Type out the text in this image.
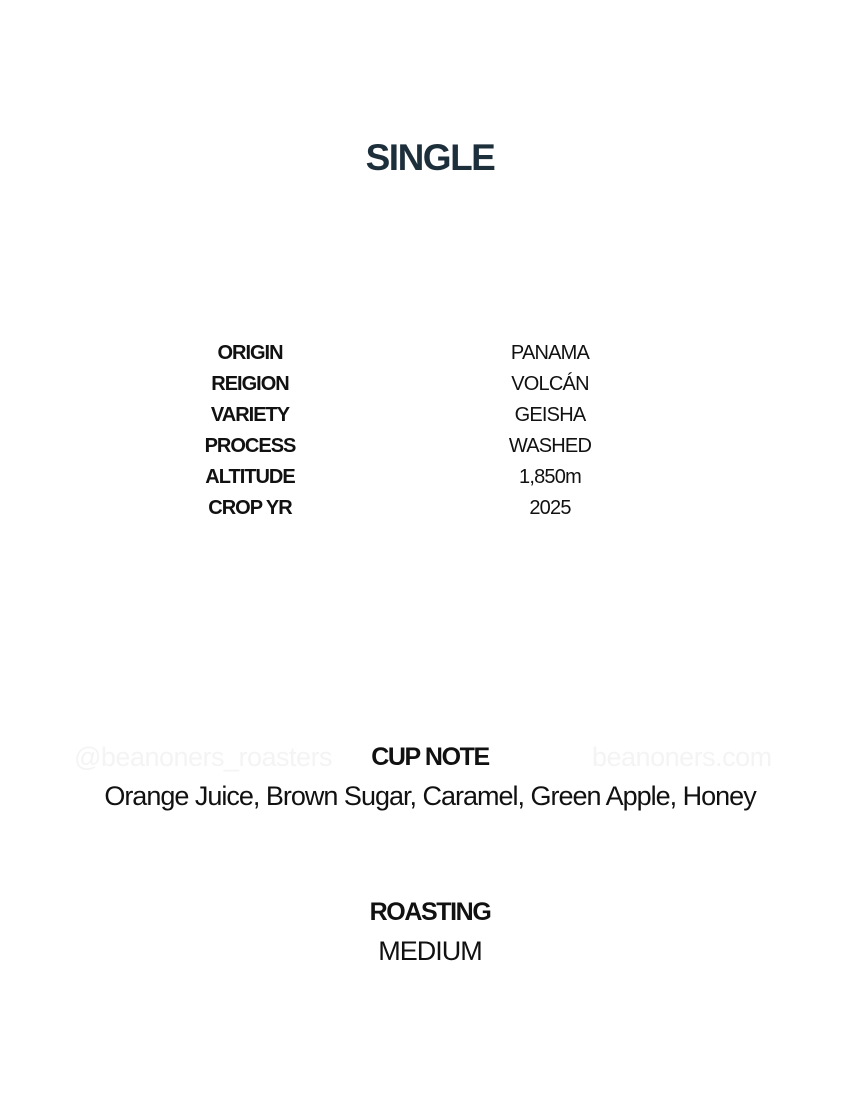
SINGLE
ORIGIN	PANAMA
REIGION	VOLCÁN
VARIETY	GEISHA
PROCESS	WASHED
ALTITUDE	1,850m
CROP YR	2025
@beanoners_roasters	beanoners.com
CUP NOTE
Orange Juice, Brown Sugar, Caramel, Green Apple, Honey
ROASTING
MEDIUM
